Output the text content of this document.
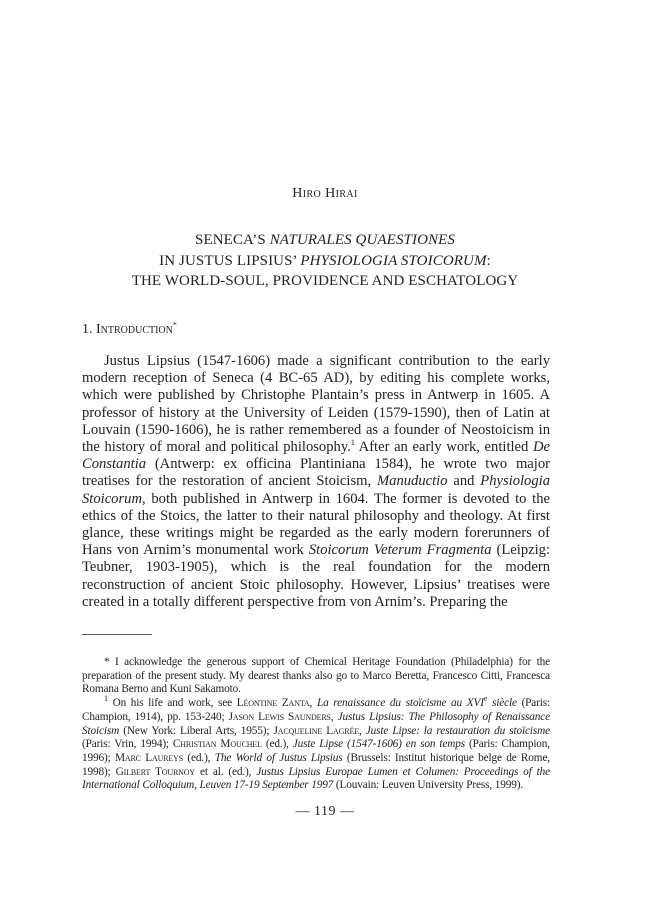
Hiro Hirai
SENECA’S NATURALES QUAESTIONES
IN JUSTUS LIPSIUS’ PHYSIOLOGIA STOICORUM:
THE WORLD-SOUL, PROVIDENCE AND ESCHATOLOGY
1. Introduction*

Justus Lipsius (1547-1606) made a significant contribution to the early modern reception of Seneca (4 BC-65 AD), by editing his complete works, which were published by Christophe Plantain’s press in Antwerp in 1605. A professor of history at the University of Leiden (1579-1590), then of Latin at Louvain (1590-1606), he is rather remembered as a founder of Neostoicism in the history of moral and political philosophy.$^1$ After an early work, entitled De Constantia (Antwerp: ex officina Plantiniana 1584), he wrote two major treatises for the restoration of ancient Stoicism, Manuductio and Physiologia Stoicorum, both published in Antwerp in 1604. The former is devoted to the ethics of the Stoics, the latter to their natural philosophy and theology. At first glance, these writings might be regarded as the early modern forerunners of Hans von Arnim’s monumental work Stoicorum Veterum Fragmenta (Leipzig: Teubner, 1903-1905), which is the real foundation for the modern reconstruction of ancient Stoic philosophy. However, Lipsius’ treatises were created in a totally different perspective from von Arnim’s. Preparing the

* I acknowledge the generous support of Chemical Heritage Foundation (Philadelphia) for the preparation of the present study. My dearest thanks also go to Marco Beretta, Francesco Citti, Francesca Romana Berno and Kuni Sakamoto.

$^1$ On his life and work, see Léontine Zanta, La renaissance du stoïcisme au XVIe siècle (Paris: Champion, 1914), pp. 153-240; Jason Lewis Saunders, Justus Lipsius: The Philosophy of Renaissance Stoicism (New York: Liberal Arts, 1955); Jacqueline Lagrée, Juste Lipse: la restauration du stoïcisme (Paris: Vrin, 1994); Christian Mouchel (ed.), Juste Lipse (1547-1606) en son temps (Paris: Champion, 1996); Marc Laureys (ed.), The World of Justus Lipsius (Brussels: Institut historique belge de Rome, 1998); Gilbert Tournoy et al. (ed.), Justus Lipsius Europae Lumen et Columen: Proceedings of the International Colloquium, Leuven 17-19 September 1997 (Louvain: Leuven University Press, 1999).

— 119 —
